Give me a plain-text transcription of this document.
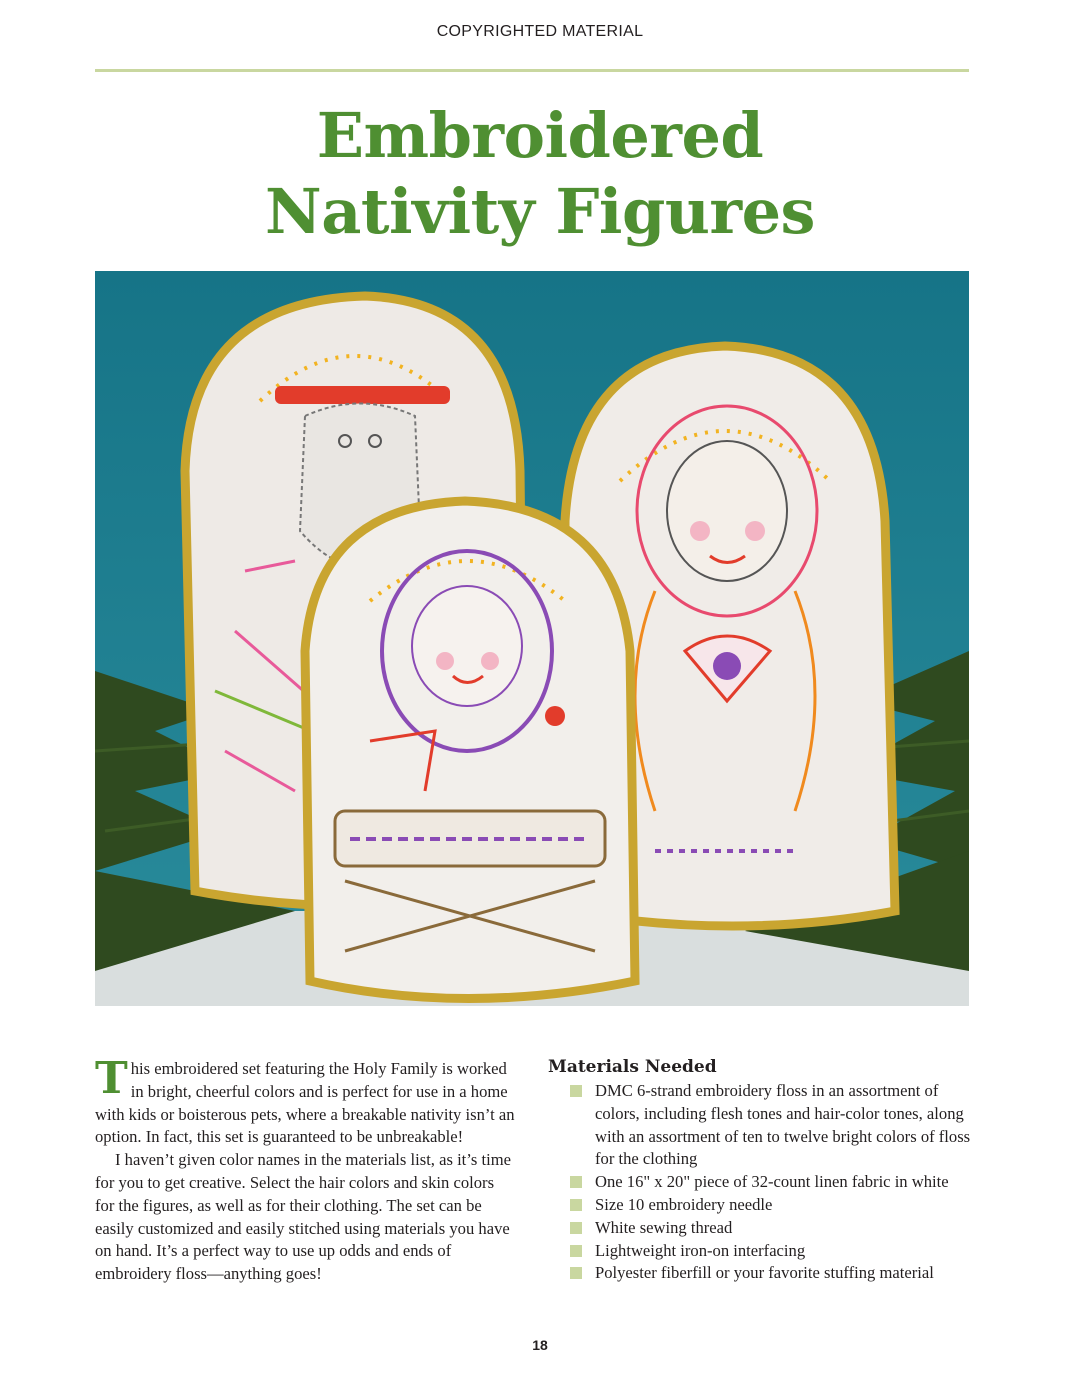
COPYRIGHTED MATERIAL
Embroidered
Nativity Figures

This embroidered set featuring the Holy Family is worked in bright, cheerful colors and is perfect for use in a home with kids or boisterous pets, where a breakable nativity isn’t an option. In fact, this set is guaranteed to be unbreakable!

I haven’t given color names in the materials list, as it’s time for you to get creative. Select the hair colors and skin colors for the figures, as well as for their clothing. The set can be easily customized and easily stitched using materials you have on hand. It’s a perfect way to use up odds and ends of embroidery floss—anything goes!

Materials Needed
DMC 6-strand embroidery floss in an assortment of colors, including flesh tones and hair-color tones, along with an assortment of ten to twelve bright colors of floss for the clothing
One 16" x 20" piece of 32-count linen fabric in white
Size 10 embroidery needle
White sewing thread
Lightweight iron-on interfacing
Polyester fiberfill or your favorite stuffing material
18
